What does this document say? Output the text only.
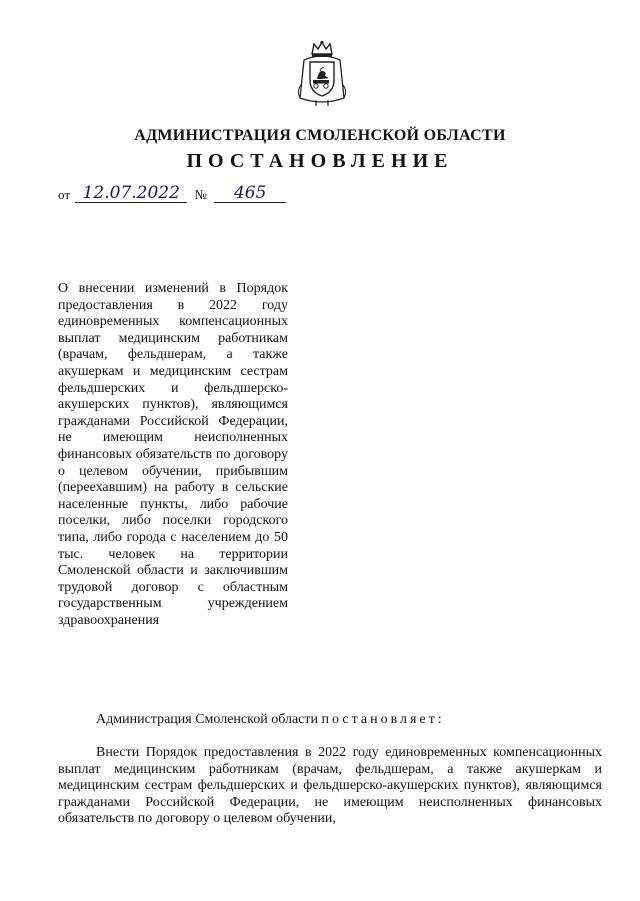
АДМИНИСТРАЦИЯ СМОЛЕНСКОЙ ОБЛАСТИ
ПОСТАНОВЛЕНИЕ
от 12.07.2022 № 465
О внесении изменений в Порядок предоставления в 2022 году единовременных компенсационных выплат медицинским работникам (врачам, фельдшерам, а также акушеркам и медицинским сестрам фельдшерских и фельдшерско-акушерских пунктов), являющимся гражданами Российской Федерации, не имеющим неисполненных финансовых обязательств по договору о целевом обучении, прибывшим (переехавшим) на работу в сельские населенные пункты, либо рабочие поселки, либо поселки городского типа, либо города с населением до 50 тыс. человек на территории Смоленской области и заключившим трудовой договор с областным государственным учреждением здравоохранения
Администрация Смоленской области постановляет:
Внести Порядок предоставления в 2022 году единовременных компенсационных выплат медицинским работникам (врачам, фельдшерам, а также акушеркам и медицинским сестрам фельдшерских и фельдшерско-акушерских пунктов), являющимся гражданами Российской Федерации, не имеющим неисполненных финансовых обязательств по договору о целевом обучении,
